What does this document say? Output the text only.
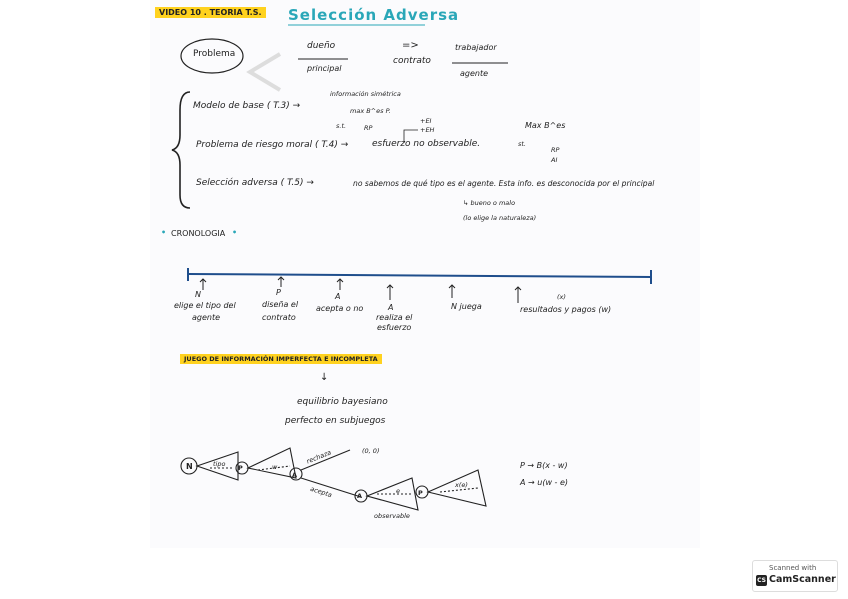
VIDEO 10 . TEORIA T.S. Selección Adversa
Problema
dueño
principal
=>
contrato
trabajador
agente
Modelo de base ( T.3) →
información simétrica
max B^es P.
s.t.	RP
+EI
+EH
Problema de riesgo moral ( T.4) →	esfuerzo no observable.
Max B^es
st.
RP
AI
Selección adversa ( T.5) →	no sabemos de qué tipo es el agente. Esta info. es desconocida por el principal
↳ bueno o malo
(lo elige la naturaleza)
• CRONOLOGIA •
N
elige el tipo del
agente
P
diseña el
contrato
A
acepta o no	A
realiza el
esfuerzo
N juega
(x)
resultados y pagos (w)
JUEGO DE INFORMACIÓN IMPERFECTA E INCOMPLETA
↓
equilibrio bayesiano
perfecto en subjuegos
N	P
A
A	P
tipo	w
rechaza	(0, 0)
acepta	e
x(e)
observable
P → B(x - w)
A → u(w - e)
Scanned with
CS CamScanner
